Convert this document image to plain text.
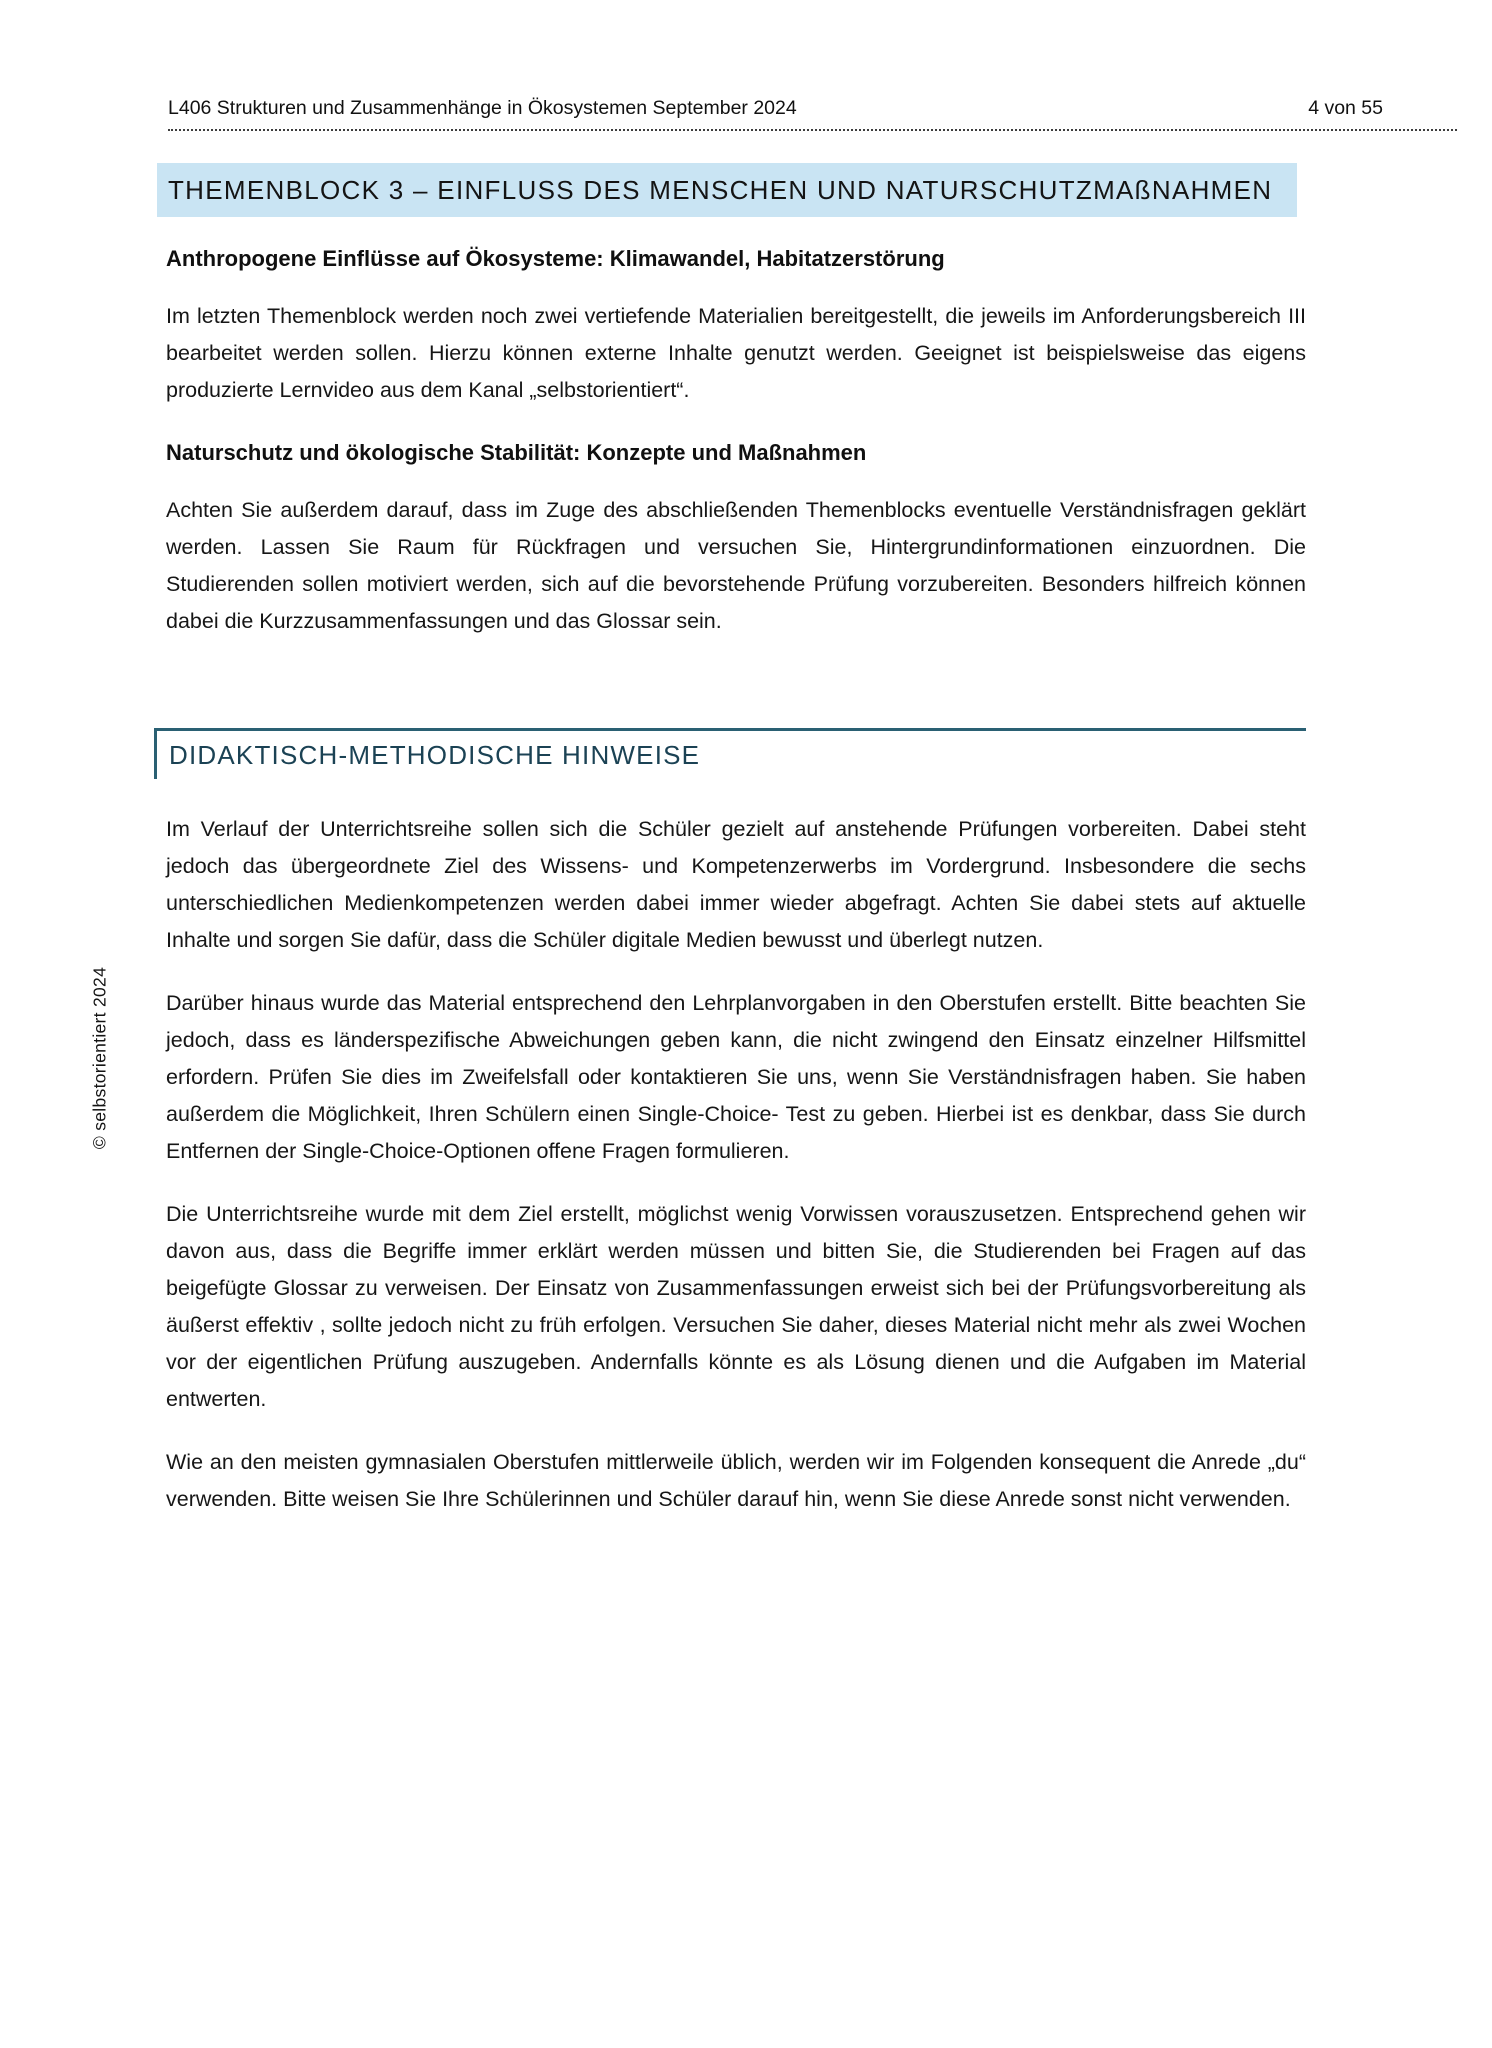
L406 Strukturen und Zusammenhänge in Ökosystemen September 2024	4 von 55
© selbstorientiert 2024
THEMENBLOCK 3 – EINFLUSS DES MENSCHEN UND NATURSCHUTZMAßNAHMEN
Anthropogene Einflüsse auf Ökosysteme: Klimawandel, Habitatzerstörung

Im letzten Themenblock werden noch zwei vertiefende Materialien bereitgestellt, die jeweils im Anforderungsbereich III bearbeitet werden sollen. Hierzu können externe Inhalte genutzt werden. Geeignet ist beispielsweise das eigens produzierte Lernvideo aus dem Kanal „selbstorientiert“.

Naturschutz und ökologische Stabilität: Konzepte und Maßnahmen

Achten Sie außerdem darauf, dass im Zuge des abschließenden Themenblocks eventuelle Verständnisfragen geklärt werden. Lassen Sie Raum für Rückfragen und versuchen Sie, Hintergrundinformationen einzuordnen. Die Studierenden sollen motiviert werden, sich auf die bevorstehende Prüfung vorzubereiten. Besonders hilfreich können dabei die Kurzzusammenfassungen und das Glossar sein.

DIDAKTISCH-METHODISCHE HINWEISE

Im Verlauf der Unterrichtsreihe sollen sich die Schüler gezielt auf anstehende Prüfungen vorbereiten. Dabei steht jedoch das übergeordnete Ziel des Wissens- und Kompetenzerwerbs im Vordergrund. Insbesondere die sechs unterschiedlichen Medienkompetenzen werden dabei immer wieder abgefragt. Achten Sie dabei stets auf aktuelle Inhalte und sorgen Sie dafür, dass die Schüler digitale Medien bewusst und überlegt nutzen.

Darüber hinaus wurde das Material entsprechend den Lehrplanvorgaben in den Oberstufen erstellt. Bitte beachten Sie jedoch, dass es länderspezifische Abweichungen geben kann, die nicht zwingend den Einsatz einzelner Hilfsmittel erfordern. Prüfen Sie dies im Zweifelsfall oder kontaktieren Sie uns, wenn Sie Verständnisfragen haben. Sie haben außerdem die Möglichkeit, Ihren Schülern einen Single-Choice- Test zu geben. Hierbei ist es denkbar, dass Sie durch Entfernen der Single-Choice-Optionen offene Fragen formulieren.

Die Unterrichtsreihe wurde mit dem Ziel erstellt, möglichst wenig Vorwissen vorauszusetzen. Entsprechend gehen wir davon aus, dass die Begriffe immer erklärt werden müssen und bitten Sie, die Studierenden bei Fragen auf das beigefügte Glossar zu verweisen. Der Einsatz von Zusammenfassungen erweist sich bei der Prüfungsvorbereitung als äußerst effektiv , sollte jedoch nicht zu früh erfolgen. Versuchen Sie daher, dieses Material nicht mehr als zwei Wochen vor der eigentlichen Prüfung auszugeben. Andernfalls könnte es als Lösung dienen und die Aufgaben im Material entwerten.

Wie an den meisten gymnasialen Oberstufen mittlerweile üblich, werden wir im Folgenden konsequent die Anrede „du“ verwenden. Bitte weisen Sie Ihre Schülerinnen und Schüler darauf hin, wenn Sie diese Anrede sonst nicht verwenden.
